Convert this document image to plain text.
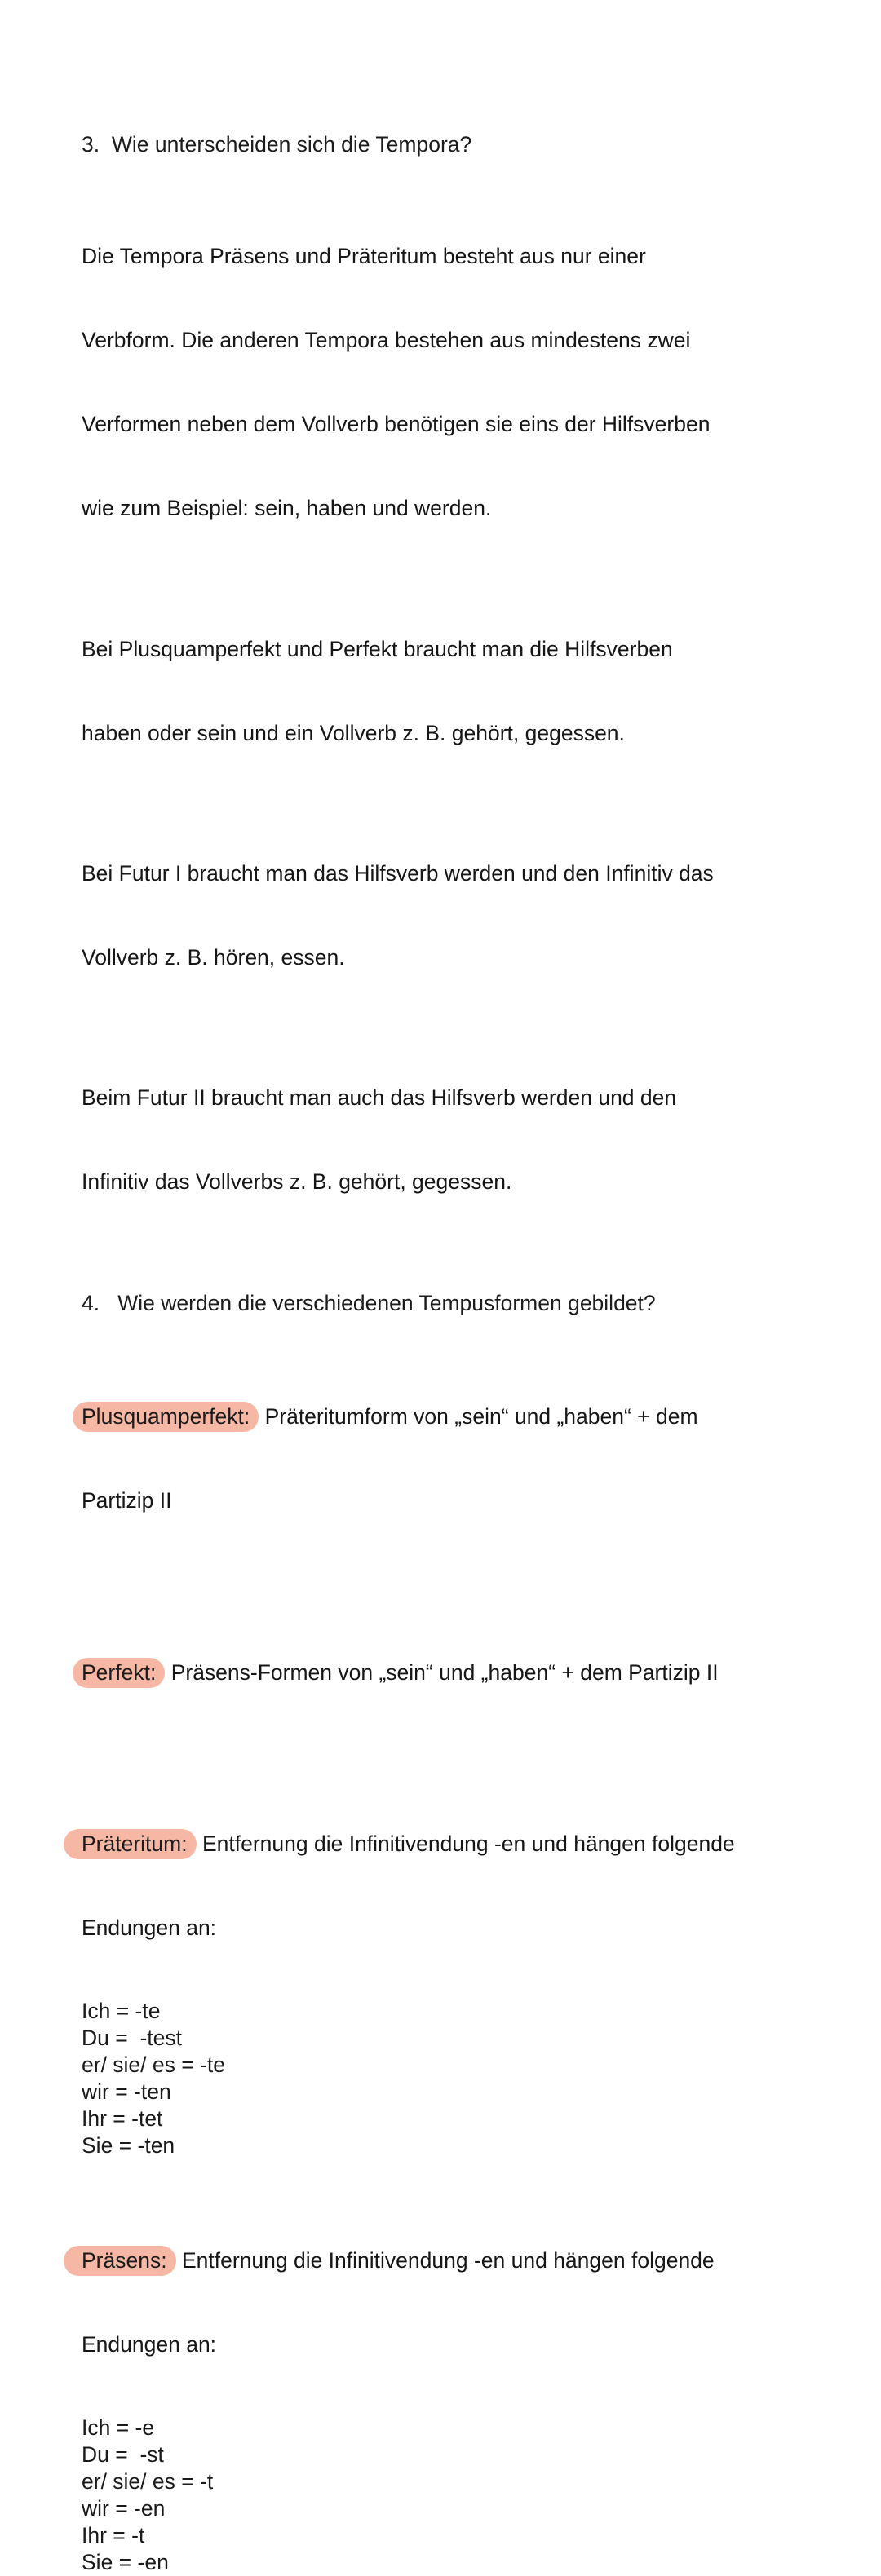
3. Wie unterscheiden sich die Tempora?

Die Tempora Präsens und Präteritum besteht aus nur einer

Verbform. Die anderen Tempora bestehen aus mindestens zwei

Verformen neben dem Vollverb benötigen sie eins der Hilfsverben

wie zum Beispiel: sein, haben und werden.

Bei Plusquamperfekt und Perfekt braucht man die Hilfsverben

haben oder sein und ein Vollverb z. B. gehört, gegessen.

Bei Futur I braucht man das Hilfsverb werden und den Infinitiv das

Vollverb z. B. hören, essen.

Beim Futur II braucht man auch das Hilfsverb werden und den

Infinitiv das Vollverbs z. B. gehört, gegessen.

4. Wie werden die verschiedenen Tempusformen gebildet?

Plusquamperfekt: Präteritumform von „sein“ und „haben“ + dem

Partizip II

Perfekt: Präsens-Formen von „sein“ und „haben“ + dem Partizip II

Präteritum: Entfernung die Infinitivendung -en und hängen folgende

Endungen an:

Ich = -te
Du =  -test
er/ sie/ es = -te
wir = -ten
Ihr = -tet
Sie = -ten

Präsens: Entfernung die Infinitivendung -en und hängen folgende

Endungen an:

Ich = -e
Du =  -st
er/ sie/ es = -t
wir = -en
Ihr = -t
Sie = -en
